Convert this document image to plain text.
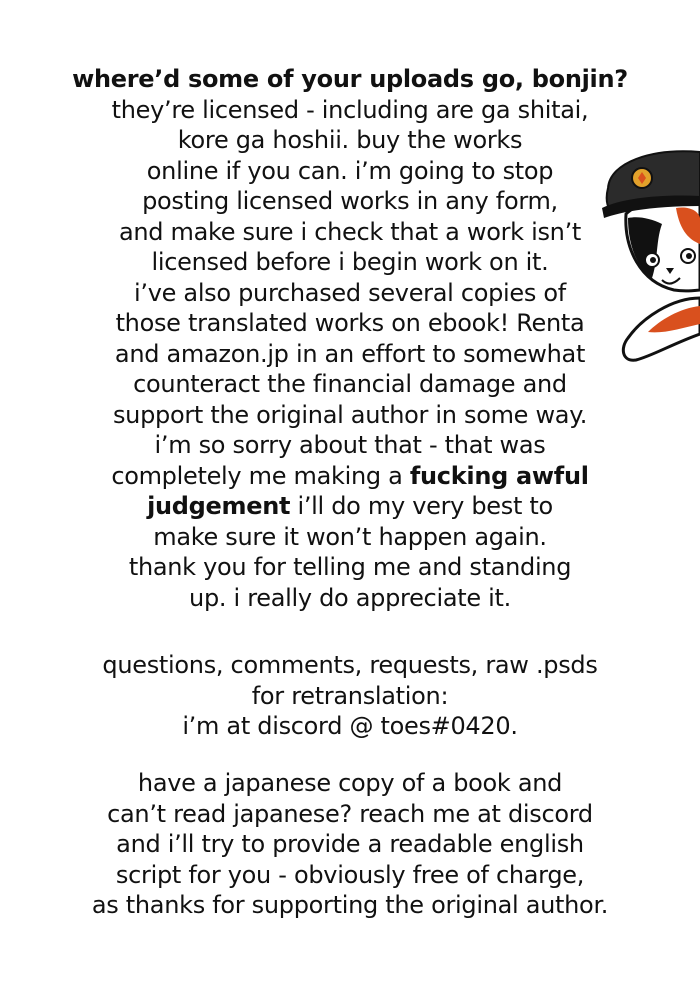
where’d some of your uploads go, bonjin?
they’re licensed - including are ga shitai,
kore ga hoshii. buy the works
online if you can. i’m going to stop
posting licensed works in any form,
and make sure i check that a work isn’t
licensed before i begin work on it.
i’ve also purchased several copies of
those translated works on ebook! Renta
and amazon.jp in an effort to somewhat
counteract the financial damage and
support the original author in some way.
i’m so sorry about that - that was
completely me making a fucking awful
judgement i’ll do my very best to
make sure it won’t happen again.
thank you for telling me and standing
up. i really do appreciate it.
questions, comments, requests, raw .psds
for retranslation:
i’m at discord @ toes#0420.
have a japanese copy of a book and
can’t read japanese? reach me at discord
and i’ll try to provide a readable english
script for you - obviously free of charge,
as thanks for supporting the original author.
